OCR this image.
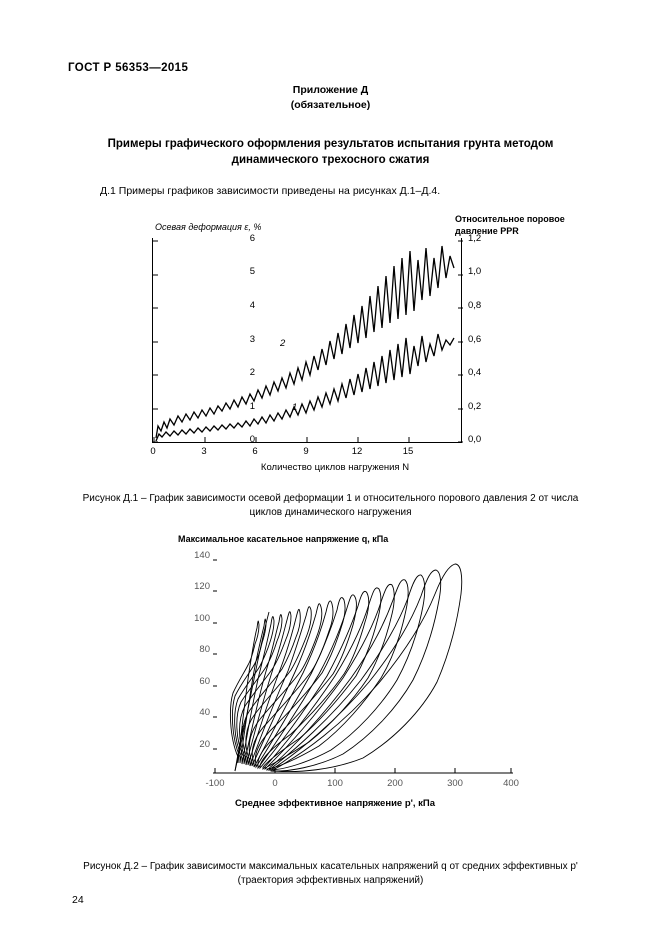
ГОСТ Р 56353—2015
Приложение Д
(обязательное)
Примеры графического оформления результатов испытания грунта методом динамического трехосного сжатия
Д.1 Примеры графиков зависимости приведены на рисунках Д.1–Д.4.
Осевая деформация ε, %
Относительное поровое давление PPR
6
5
4
3
2
1
0
1,2
1,0
0,8
0,6
0,4
0,2
0,0
0	3	6	9	12	15
2
1
Количество циклов нагружения N
Рисунок Д.1 – График зависимости осевой деформации 1 и относительного порового давления 2 от числа циклов динамического нагружения
Максимальное касательное напряжение q, кПа
140
120
100
80
60
40
20
-100	0	100	200	300	400
Среднее эффективное напряжение p', кПа
Рисунок Д.2 – График зависимости максимальных касательных напряжений q от средних эффективных p' (траектория эффективных напряжений)
24
